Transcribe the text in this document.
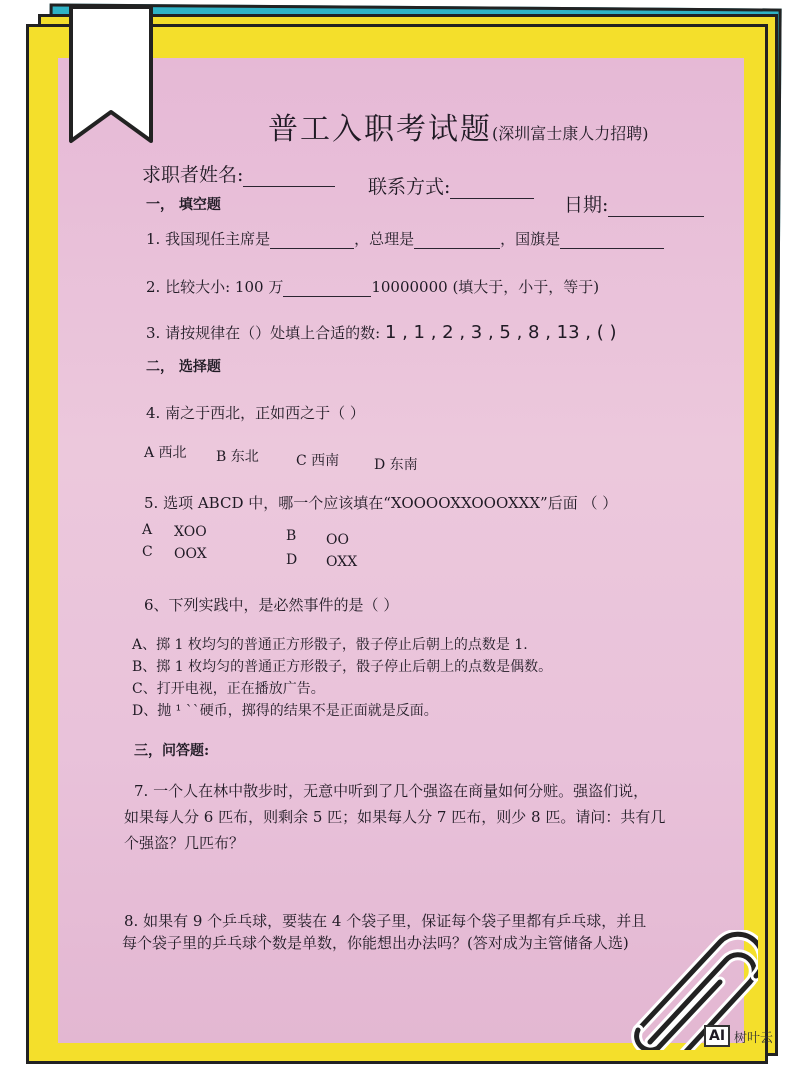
普工入职考试题(深圳富士康人力招聘)
求职者姓名:
联系方式:
日期:
一， 填空题
1. 我国现任主席是	，总理是	，国旗是
2. 比较大小: 100 万	10000000 (填大于，小于，等于)
3. 请按规律在（）处填上合适的数: 1 , 1 , 2 , 3 , 5 , 8 , 13 , ( )
二， 选择题
4. 南之于西北，正如西之于（ ）
A 西北 B 东北	C 西南 D 东南
5. 选项 ABCD 中，哪一个应该填在“XOOOOXXOOOXXX”后面 （ ）
A XOO	B OO
C OOX	D OXX
6、下列实践中，是必然事件的是（ ）
A、掷 1 枚均匀的普通正方形骰子，骰子停止后朝上的点数是 1.
B、掷 1 枚均匀的普通正方形骰子，骰子停止后朝上的点数是偶数。
C、打开电视，正在播放广告。
D、抛 ¹ ˋˋ硬币，掷得的结果不是正面就是反面。
三，问答题:
7. 一个人在林中散步时，无意中听到了几个强盗在商量如何分赃。强盗们说，
如果每人分 6 匹布，则剩余 5 匹；如果每人分 7 匹布，则少 8 匹。请问：共有几
个强盗？几匹布？
8. 如果有 9 个乒乓球，要装在 4 个袋子里，保证每个袋子里都有乒乓球，并且
每个袋子里的乒乓球个数是单数，你能想出办法吗？(答对成为主管储备人选)
AI 树叶云
